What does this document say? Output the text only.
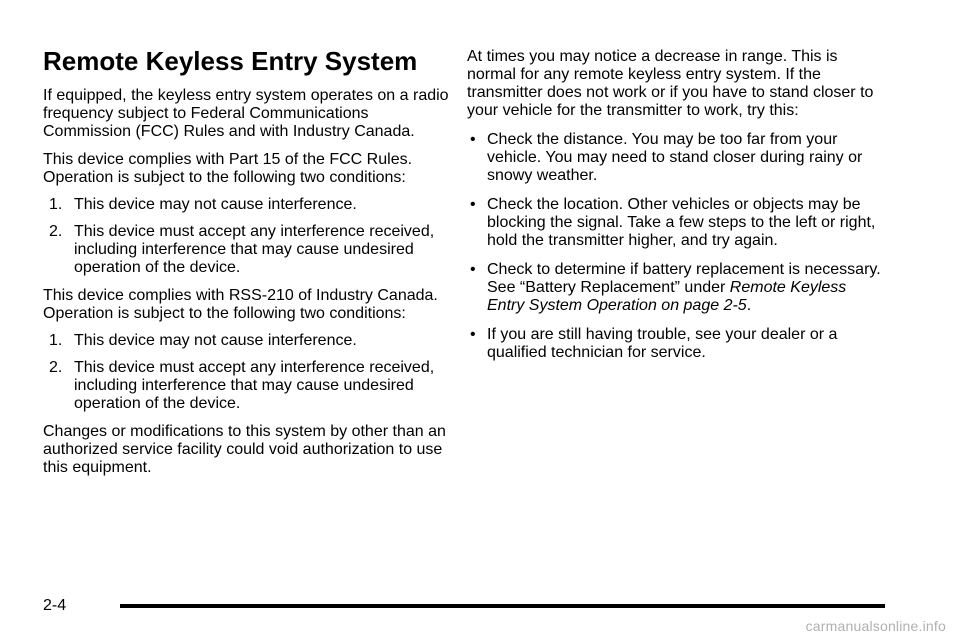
Remote Keyless Entry System

If equipped, the keyless entry system operates on a radio frequency subject to Federal Communications Commission (FCC) Rules and with Industry Canada.

This device complies with Part 15 of the FCC Rules. Operation is subject to the following two conditions:

1. This device may not cause interference.
2. This device must accept any interference received, including interference that may cause undesired operation of the device.

This device complies with RSS-210 of Industry Canada. Operation is subject to the following two conditions:

1. This device may not cause interference.
2. This device must accept any interference received, including interference that may cause undesired operation of the device.

Changes or modifications to this system by other than an authorized service facility could void authorization to use this equipment.

At times you may notice a decrease in range. This is normal for any remote keyless entry system. If the transmitter does not work or if you have to stand closer to your vehicle for the transmitter to work, try this:

• Check the distance. You may be too far from your vehicle. You may need to stand closer during rainy or snowy weather.
• Check the location. Other vehicles or objects may be blocking the signal. Take a few steps to the left or right, hold the transmitter higher, and try again.
• Check to determine if battery replacement is necessary. See “Battery Replacement” under Remote Keyless Entry System Operation on page 2-5.
• If you are still having trouble, see your dealer or a qualified technician for service.
2-4
carmanualsonline.info
